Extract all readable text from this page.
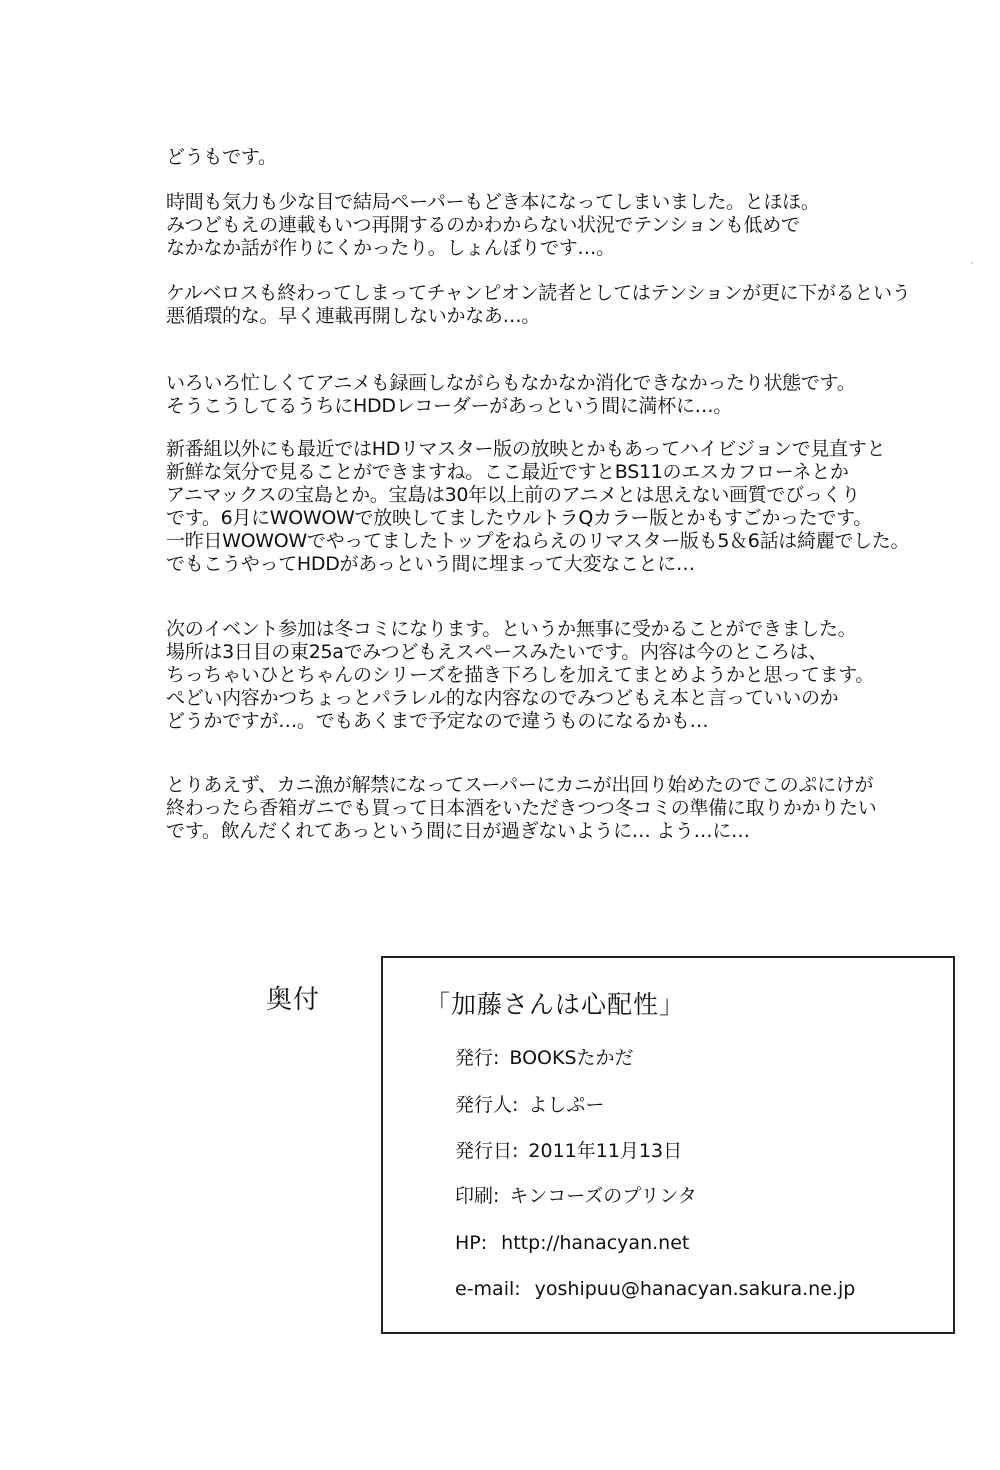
どうもです。
時間も気力も少な目で結局ペーパーもどき本になってしまいました。とほほ。
みつどもえの連載もいつ再開するのかわからない状況でテンションも低めで
なかなか話が作りにくかったり。しょんぼりです…。
ケルベロスも終わってしまってチャンピオン読者としてはテンションが更に下がるという
悪循環的な。早く連載再開しないかなあ…。
いろいろ忙しくてアニメも録画しながらもなかなか消化できなかったり状態です。
そうこうしてるうちにHDDレコーダーがあっという間に満杯に…。
新番組以外にも最近ではHDリマスター版の放映とかもあってハイビジョンで見直すと
新鮮な気分で見ることができますね。ここ最近ですとBS11のエスカフローネとか
アニマックスの宝島とか。宝島は30年以上前のアニメとは思えない画質でびっくり
です。6月にWOWOWで放映してましたウルトラQカラー版とかもすごかったです。
一昨日WOWOWでやってましたトップをねらえのリマスター版も5＆6話は綺麗でした。
でもこうやってHDDがあっという間に埋まって大変なことに…
次のイベント参加は冬コミになります。というか無事に受かることができました。
場所は3日目の東25aでみつどもえスペースみたいです。内容は今のところは、
ちっちゃいひとちゃんのシリーズを描き下ろしを加えてまとめようかと思ってます。
ぺどい内容かつちょっとパラレル的な内容なのでみつどもえ本と言っていいのか
どうかですが…。でもあくまで予定なので違うものになるかも…
とりあえず、カニ漁が解禁になってスーパーにカニが出回り始めたのでこのぷにけが
終わったら香箱ガニでも買って日本酒をいただきつつ冬コミの準備に取りかかりたい
です。飲んだくれてあっという間に日が過ぎないように… よう…に…
奥付	「加藤さんは心配性」
発行: BOOKSたかだ
発行人: よしぷー
発行日: 2011年11月13日
印刷: キンコーズのプリンタ
HP: http://hanacyan.net
e-mail: yoshipuu@hanacyan.sakura.ne.jp
